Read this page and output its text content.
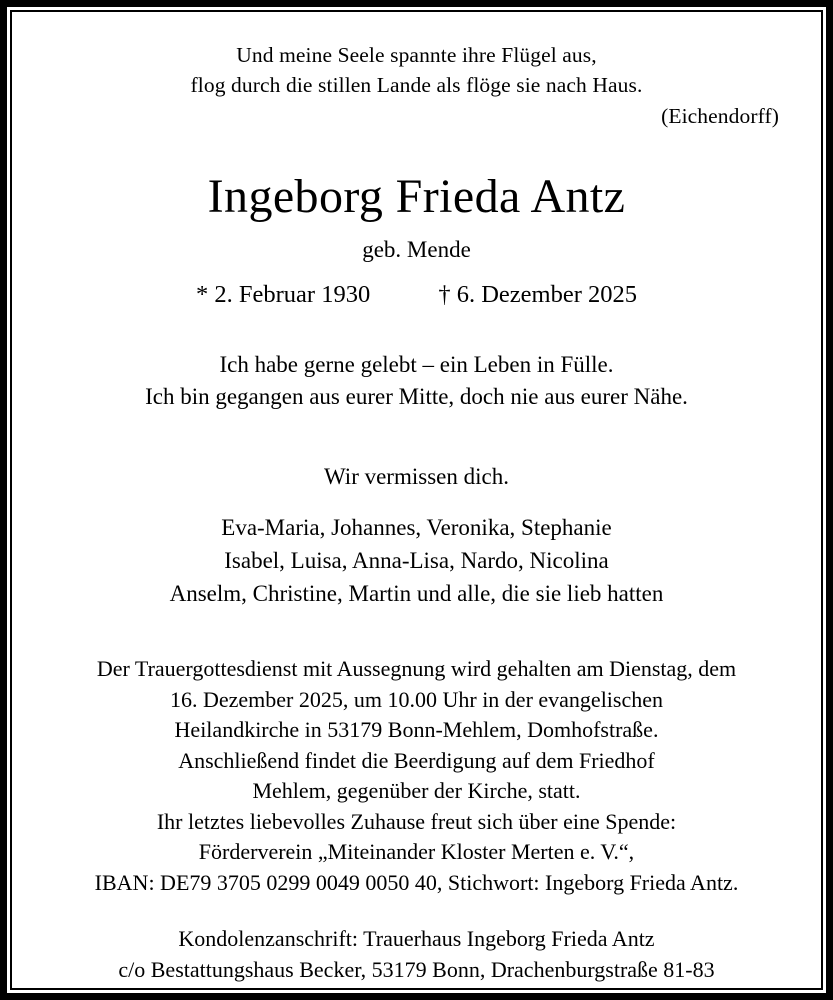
Und meine Seele spannte ihre Flügel aus,
flog durch die stillen Lande als flöge sie nach Haus.
(Eichendorff)
Ingeborg Frieda Antz
geb. Mende
* 2. Februar 1930	† 6. Dezember 2025
Ich habe gerne gelebt – ein Leben in Fülle.
Ich bin gegangen aus eurer Mitte, doch nie aus eurer Nähe.
Wir vermissen dich.
Eva-Maria, Johannes, Veronika, Stephanie
Isabel, Luisa, Anna-Lisa, Nardo, Nicolina
Anselm, Christine, Martin und alle, die sie lieb hatten
Der Trauergottesdienst mit Aussegnung wird gehalten am Dienstag, dem
16. Dezember 2025, um 10.00 Uhr in der evangelischen
Heilandkirche in 53179 Bonn-Mehlem, Domhofstraße.
Anschließend findet die Beerdigung auf dem Friedhof
Mehlem, gegenüber der Kirche, statt.
Ihr letztes liebevolles Zuhause freut sich über eine Spende:
Förderverein „Miteinander Kloster Merten e. V.“,
IBAN: DE79 3705 0299 0049 0050 40, Stichwort: Ingeborg Frieda Antz.
Kondolenzanschrift: Trauerhaus Ingeborg Frieda Antz
c/o Bestattungshaus Becker, 53179 Bonn, Drachenburgstraße 81-83
